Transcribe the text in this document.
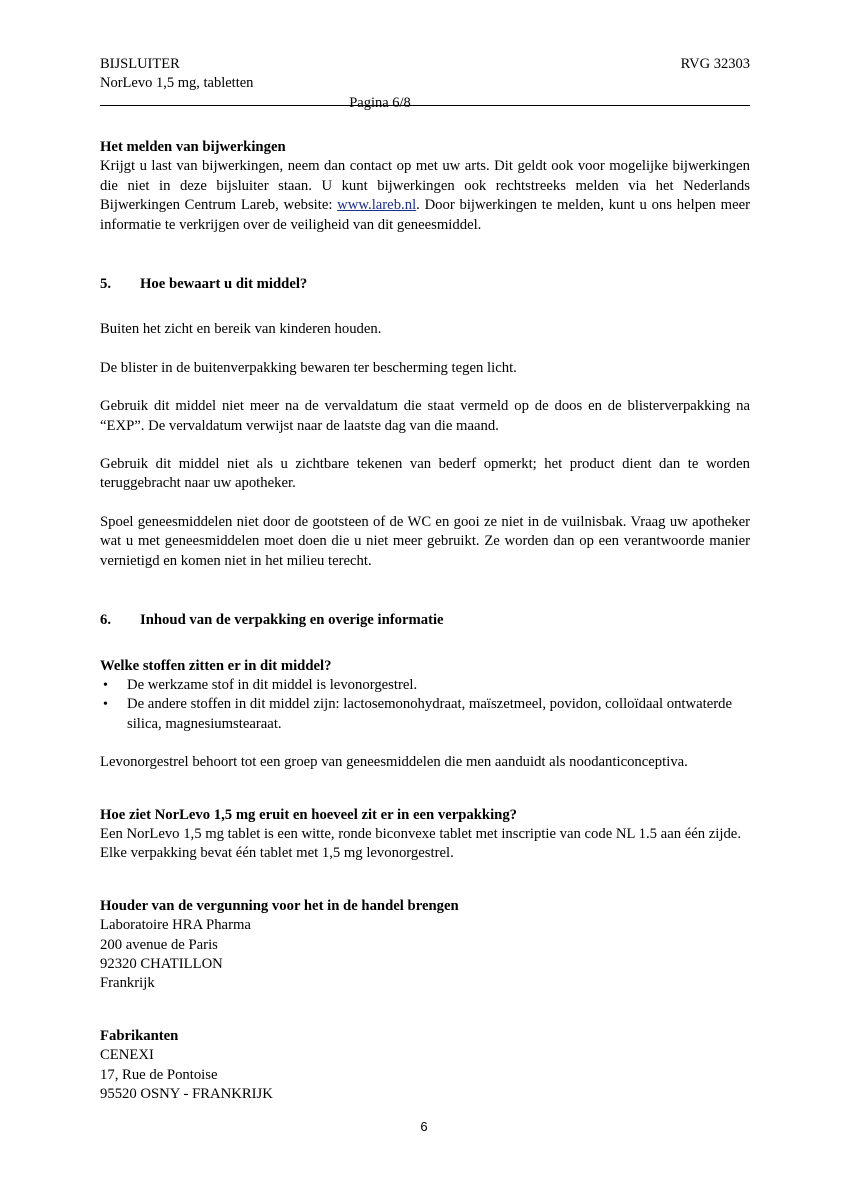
BIJSLUITER
NorLevo 1,5 mg, tabletten
RVG 32303
Pagina 6/8

Het melden van bijwerkingen

Krijgt u last van bijwerkingen, neem dan contact op met uw arts. Dit geldt ook voor mogelijke bijwerkingen die niet in deze bijsluiter staan. U kunt bijwerkingen ook rechtstreeks melden via het Nederlands Bijwerkingen Centrum Lareb, website: www.lareb.nl. Door bijwerkingen te melden, kunt u ons helpen meer informatie te verkrijgen over de veiligheid van dit geneesmiddel.

5.	Hoe bewaart u dit middel?

Buiten het zicht en bereik van kinderen houden.

De blister in de buitenverpakking bewaren ter bescherming tegen licht.

Gebruik dit middel niet meer na de vervaldatum die staat vermeld op de doos en de blisterverpakking na “EXP”. De vervaldatum verwijst naar de laatste dag van die maand.

Gebruik dit middel niet als u zichtbare tekenen van bederf opmerkt; het product dient dan te worden teruggebracht naar uw apotheker.

Spoel geneesmiddelen niet door de gootsteen of de WC en gooi ze niet in de vuilnisbak. Vraag uw apotheker wat u met geneesmiddelen moet doen die u niet meer gebruikt. Ze worden dan op een verantwoorde manier vernietigd en komen niet in het milieu terecht.

6.	Inhoud van de verpakking en overige informatie

Welke stoffen zitten er in dit middel?

• De werkzame stof in dit middel is levonorgestrel.
• De andere stoffen in dit middel zijn: lactosemonohydraat, maïszetmeel, povidon, colloïdaal ontwaterde silica, magnesiumstearaat.

Levonorgestrel behoort tot een groep van geneesmiddelen die men aanduidt als noodanticonceptiva.

Hoe ziet NorLevo 1,5 mg eruit en hoeveel zit er in een verpakking?

Een NorLevo 1,5 mg tablet is een witte, ronde biconvexe tablet met inscriptie van code NL 1.5 aan één zijde.

Elke verpakking bevat één tablet met 1,5 mg levonorgestrel.

Houder van de vergunning voor het in de handel brengen

Laboratoire HRA Pharma

200 avenue de Paris

92320 CHATILLON

Frankrijk

Fabrikanten

CENEXI

17, Rue de Pontoise

95520 OSNY - FRANKRIJK

6
